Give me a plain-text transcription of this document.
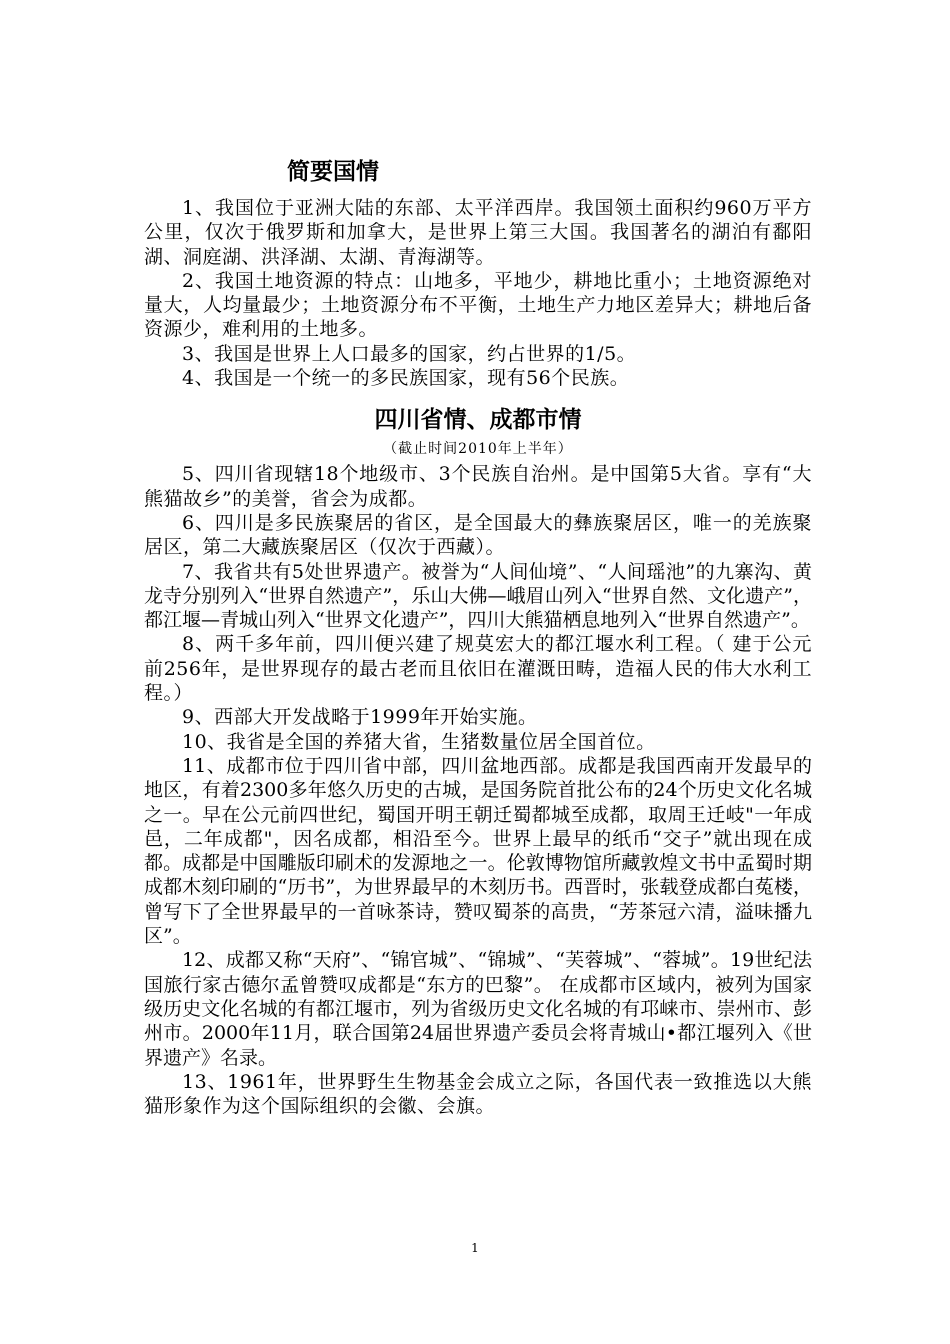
简要国情

1、我国位于亚洲大陆的东部、太平洋西岸。我国领土面积约960万平方公里，仅次于俄罗斯和加拿大，是世界上第三大国。我国著名的湖泊有鄱阳湖、洞庭湖、洪泽湖、太湖、青海湖等。

2、我国土地资源的特点：山地多，平地少，耕地比重小；土地资源绝对量大，人均量最少；土地资源分布不平衡，土地生产力地区差异大；耕地后备资源少，难利用的土地多。

3、我国是世界上人口最多的国家，约占世界的1/5。

4、我国是一个统一的多民族国家，现有56个民族。

四川省情、成都市情

（截止时间2010年上半年）

5、四川省现辖18个地级市、3个民族自治州。是中国第5大省。享有“大熊猫故乡”的美誉，省会为成都。

6、四川是多民族聚居的省区，是全国最大的彝族聚居区，唯一的羌族聚居区，第二大藏族聚居区（仅次于西藏）。

7、我省共有5处世界遗产。被誉为“人间仙境”、“人间瑶池”的九寨沟、黄龙寺分别列入“世界自然遗产”，乐山大佛—峨眉山列入“世界自然、文化遗产”，都江堰—青城山列入“世界文化遗产”，四川大熊猫栖息地列入“世界自然遗产”。

8、两千多年前，四川便兴建了规莫宏大的都江堰水利工程。（ 建于公元前256年，是世界现存的最古老而且依旧在灌溉田畴，造福人民的伟大水利工程。）

9、西部大开发战略于1999年开始实施。

10、我省是全国的养猪大省，生猪数量位居全国首位。

11、成都市位于四川省中部，四川盆地西部。成都是我国西南开发最早的地区，有着2300多年悠久历史的古城，是国务院首批公布的24个历史文化名城之一。早在公元前四世纪，蜀国开明王朝迁蜀都城至成都，取周王迁岐"一年成邑，二年成都"，因名成都，相沿至今。世界上最早的纸币“交子”就出现在成都。成都是中国雕版印刷术的发源地之一。伦敦博物馆所藏敦煌文书中孟蜀时期成都木刻印刷的“历书”，为世界最早的木刻历书。西晋时，张载登成都白菟楼，曾写下了全世界最早的一首咏茶诗，赞叹蜀茶的高贵，“芳茶冠六清，溢味播九区”。

12、成都又称“天府”、“锦官城”、“锦城”、“芙蓉城”、“蓉城”。19世纪法国旅行家古德尔孟曾赞叹成都是“东方的巴黎”。 在成都市区域内，被列为国家级历史文化名城的有都江堰市，列为省级历史文化名城的有邛崃市、崇州市、彭州市。2000年11月，联合国第24届世界遗产委员会将青城山•都江堰列入《世界遗产》名录。

13、1961年，世界野生生物基金会成立之际，各国代表一致推选以大熊猫形象作为这个国际组织的会徽、会旗。

1
